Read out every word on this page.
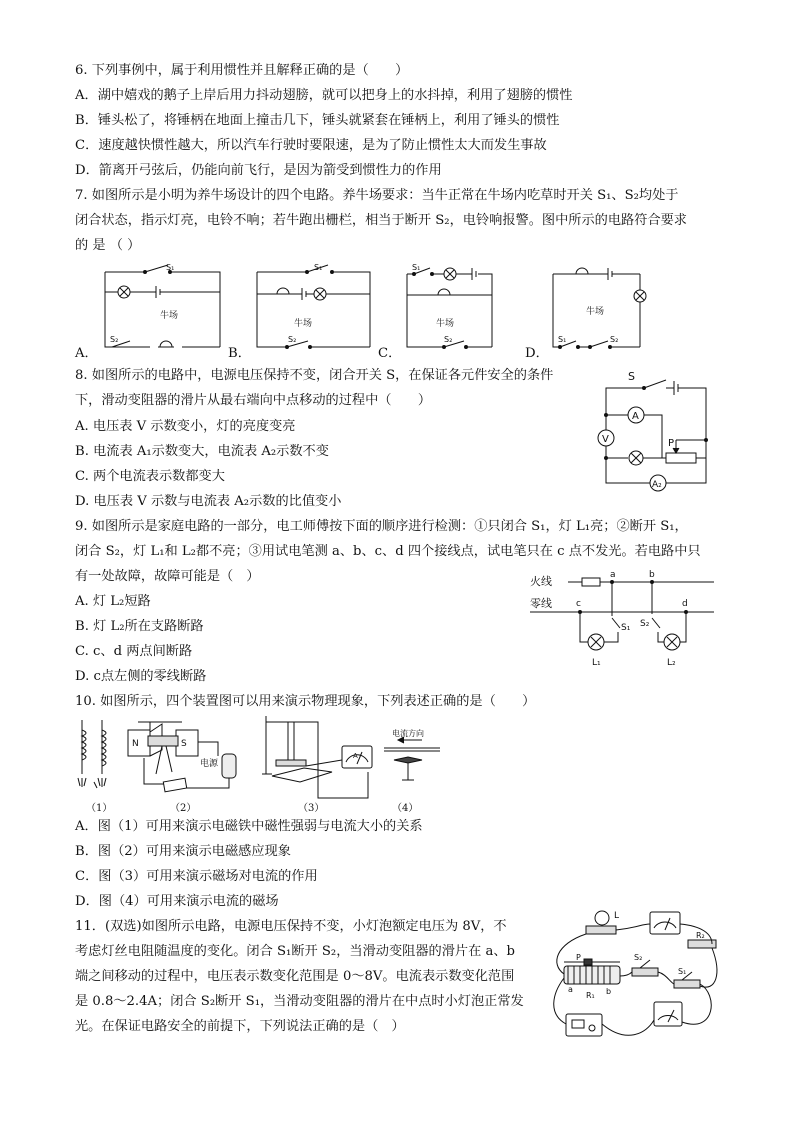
6. 下列事例中，属于利用惯性并且解释正确的是（　　）
A．湖中嬉戏的鹅子上岸后用力抖动翅膀，就可以把身上的水抖掉，利用了翅膀的惯性
B．锤头松了，将锤柄在地面上撞击几下，锤头就紧套在锤柄上，利用了锤头的惯性
C．速度越快惯性越大，所以汽车行驶时要限速，是为了防止惯性太大而发生事故
D．箭离开弓弦后，仍能向前飞行，是因为箭受到惯性力的作用
7. 如图所示是小明为养牛场设计的四个电路。养牛场要求：当牛正常在牛场内吃草时开关 S₁、S₂均处于
闭合状态，指示灯亮，电铃不响；若牛跑出栅栏，相当于断开 S₂，电铃响报警。图中所示的电路符合要求
的 是 （ ）
A．	B．	C．	D．
牛场
S₁
S₂
牛场
S₁
S₂
牛场
S₁
S₂
牛场
S₁	S₂
8. 如图所示的电路中，电源电压保持不变，闭合开关 S，在保证各元件安全的条件
下，滑动变阻器的滑片从最右端向中点移动的过程中（　　）
A. 电压表 V 示数变小，灯的亮度变亮
B. 电流表 A₁示数变大，电流表 A₂示数不变
C. 两个电流表示数都变大
D. 电压表 V 示数与电流表 A₂示数的比值变小
S
A
V	P
A₂
9. 如图所示是家庭电路的一部分，电工师傅按下面的顺序进行检测：①只闭合 S₁，灯 L₁亮；②断开 S₁，
闭合 S₂，灯 L₁和 L₂都不亮；③用试电笔测 a、b、c、d 四个接线点，试电笔只在 c 点不发光。若电路中只
有一处故障，故障可能是（　）
A. 灯 L₂短路
B. 灯 L₂所在支路断路
C. c、d 两点间断路
D. c点左侧的零线断路
火线
零线
a	b
c	d
S₁ S₂
L₁	L₂
10. 如图所示，四个装置图可以用来演示物理现象，下列表述正确的是（　　）
N	S
电源
A
电流方向
（1）	（2）	（3）	（4）
A．图（1）可用来演示电磁铁中磁性强弱与电流大小的关系
B．图（2）可用来演示电磁感应现象
C．图（3）可用来演示磁场对电流的作用
D．图（4）可用来演示电流的磁场
11．(双选)如图所示电路，电源电压保持不变，小灯泡额定电压为 8V，不
考虑灯丝电阻随温度的变化。闭合 S₁断开 S₂，当滑动变阻器的滑片在 a、b
端之间移动的过程中，电压表示数变化范围是 0～8V。电流表示数变化范围
是 0.8～2.4A；闭合 S₂断开 S₁，当滑动变阻器的滑片在中点时小灯泡正常发
光。在保证电路安全的前提下，下列说法正确的是（　）
L
R₂
P
R₁
a	b
S₂
S₁
